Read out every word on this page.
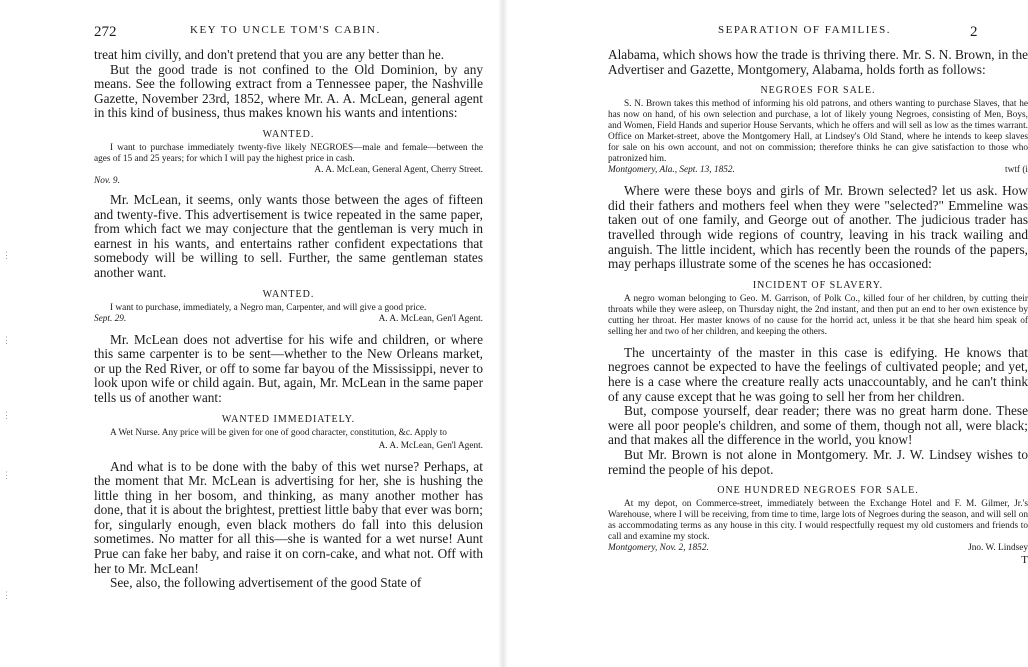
272	KEY TO UNCLE TOM'S CABIN.
⋮
⋮
⋮
⋮
⋮

treat him civilly, and don't pretend that you are any better than he.

But the good trade is not confined to the Old Dominion, by any means. See the following extract from a Tennessee paper, the Nashville Gazette, November 23rd, 1852, where Mr. A. A. McLean, general agent in this kind of business, thus makes known his wants and intentions:

WANTED.

I want to purchase immediately twenty-five likely NEGROES—male and female—between the ages of 15 and 25 years; for which I will pay the highest price in cash.

A. A. McLean, General Agent, Cherry Street.
Nov. 9.

Mr. McLean, it seems, only wants those between the ages of fifteen and twenty-five. This advertisement is twice repeated in the same paper, from which fact we may conjecture that the gentleman is very much in earnest in his wants, and entertains rather confident expectations that somebody will be willing to sell. Further, the same gentleman states another want.

WANTED.

I want to purchase, immediately, a Negro man, Carpenter, and will give a good price.

Sept. 29.	A. A. McLean, Gen'l Agent.

Mr. McLean does not advertise for his wife and children, or where this same carpenter is to be sent—whether to the New Orleans market, or up the Red River, or off to some far bayou of the Mississippi, never to look upon wife or child again. But, again, Mr. McLean in the same paper tells us of another want:

WANTED IMMEDIATELY.

A Wet Nurse. Any price will be given for one of good character, constitution, &c. Apply to

A. A. McLean, Gen'l Agent.

And what is to be done with the baby of this wet nurse? Perhaps, at the moment that Mr. McLean is advertising for her, she is hushing the little thing in her bosom, and thinking, as many another mother has done, that it is about the brightest, prettiest little baby that ever was born; for, singularly enough, even black mothers do fall into this delusion sometimes. No matter for all this—she is wanted for a wet nurse! Aunt Prue can fake her baby, and raise it on corn-cake, and what not. Off with her to Mr. McLean!

See, also, the following advertisement of the good State of

SEPARATION OF FAMILIES.	2

Alabama, which shows how the trade is thriving there. Mr. S. N. Brown, in the Advertiser and Gazette, Montgomery, Alabama, holds forth as follows:

NEGROES FOR SALE.

S. N. Brown takes this method of informing his old patrons, and others wanting to purchase Slaves, that he has now on hand, of his own selection and purchase, a lot of likely young Negroes, consisting of Men, Boys, and Women, Field Hands and superior House Servants, which he offers and will sell as low as the times warrant. Office on Market-street, above the Montgomery Hall, at Lindsey's Old Stand, where he intends to keep slaves for sale on his own account, and not on commission; therefore thinks he can give satisfaction to those who patronized him.

Montgomery, Ala., Sept. 13, 1852.	twtf (i

Where were these boys and girls of Mr. Brown selected? let us ask. How did their fathers and mothers feel when they were "selected?" Emmeline was taken out of one family, and George out of another. The judicious trader has travelled through wide regions of country, leaving in his track wailing and anguish. The little incident, which has recently been the rounds of the papers, may perhaps illustrate some of the scenes he has occasioned:

INCIDENT OF SLAVERY.

A negro woman belonging to Geo. M. Garrison, of Polk Co., killed four of her children, by cutting their throats while they were asleep, on Thursday night, the 2nd instant, and then put an end to her own existence by cutting her throat. Her master knows of no cause for the horrid act, unless it be that she heard him speak of selling her and two of her children, and keeping the others.

The uncertainty of the master in this case is edifying. He knows that negroes cannot be expected to have the feelings of cultivated people; and yet, here is a case where the creature really acts unaccountably, and he can't think of any cause except that he was going to sell her from her children.

But, compose yourself, dear reader; there was no great harm done. These were all poor people's children, and some of them, though not all, were black; and that makes all the difference in the world, you know!

But Mr. Brown is not alone in Montgomery. Mr. J. W. Lindsey wishes to remind the people of his depot.

ONE HUNDRED NEGROES FOR SALE.

At my depot, on Commerce-street, immediately between the Exchange Hotel and F. M. Gilmer, Jr.'s Warehouse, where I will be receiving, from time to time, large lots of Negroes during the season, and will sell on as accommodating terms as any house in this city. I would respectfully request my old customers and friends to call and examine my stock.

Montgomery, Nov. 2, 1852.	Jno. W. Lindsey
T
